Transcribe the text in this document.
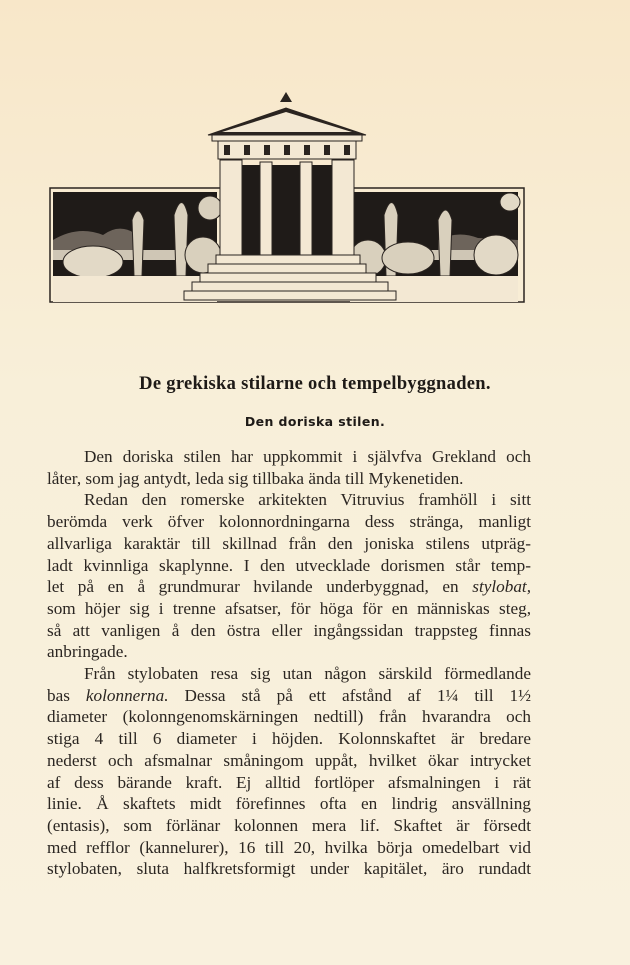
De grekiska stilarne och tempelbyggnaden.
Den doriska stilen.
Den doriska stilen har uppkommit i självfva Grekland och
låter, som jag antydt, leda sig tillbaka ända till Mykenetiden.
Redan den romerske arkitekten Vitruvius framhöll i sitt
berömda verk öfver kolonnordningarna dess stränga, manligt
allvarliga karaktär till skillnad från den joniska stilens utpräg-
ladt kvinnliga skaplynne. I den utvecklade dorismen står temp-
let på en å grundmurar hvilande underbyggnad, en stylobat,
som höjer sig i trenne afsatser, för höga för en människas steg,
så att vanligen å den östra eller ingångssidan trappsteg finnas
anbringade.
Från stylobaten resa sig utan någon särskild förmedlande
bas kolonnerna. Dessa stå på ett afstånd af 1¼ till 1½
diameter (kolonngenomskärningen nedtill) från hvarandra och
stiga 4 till 6 diameter i höjden. Kolonnskaftet är bredare
nederst och afsmalnar småningom uppåt, hvilket ökar intrycket
af dess bärande kraft. Ej alltid fortlöper afsmalningen i rät
linie. Å skaftets midt förefinnes ofta en lindrig ansvällning
(entasis), som förlänar kolonnen mera lif. Skaftet är försedt
med refflor (kannelurer), 16 till 20, hvilka börja omedelbart vid
stylobaten, sluta halfkretsformigt under kapitälet, äro rundadt
